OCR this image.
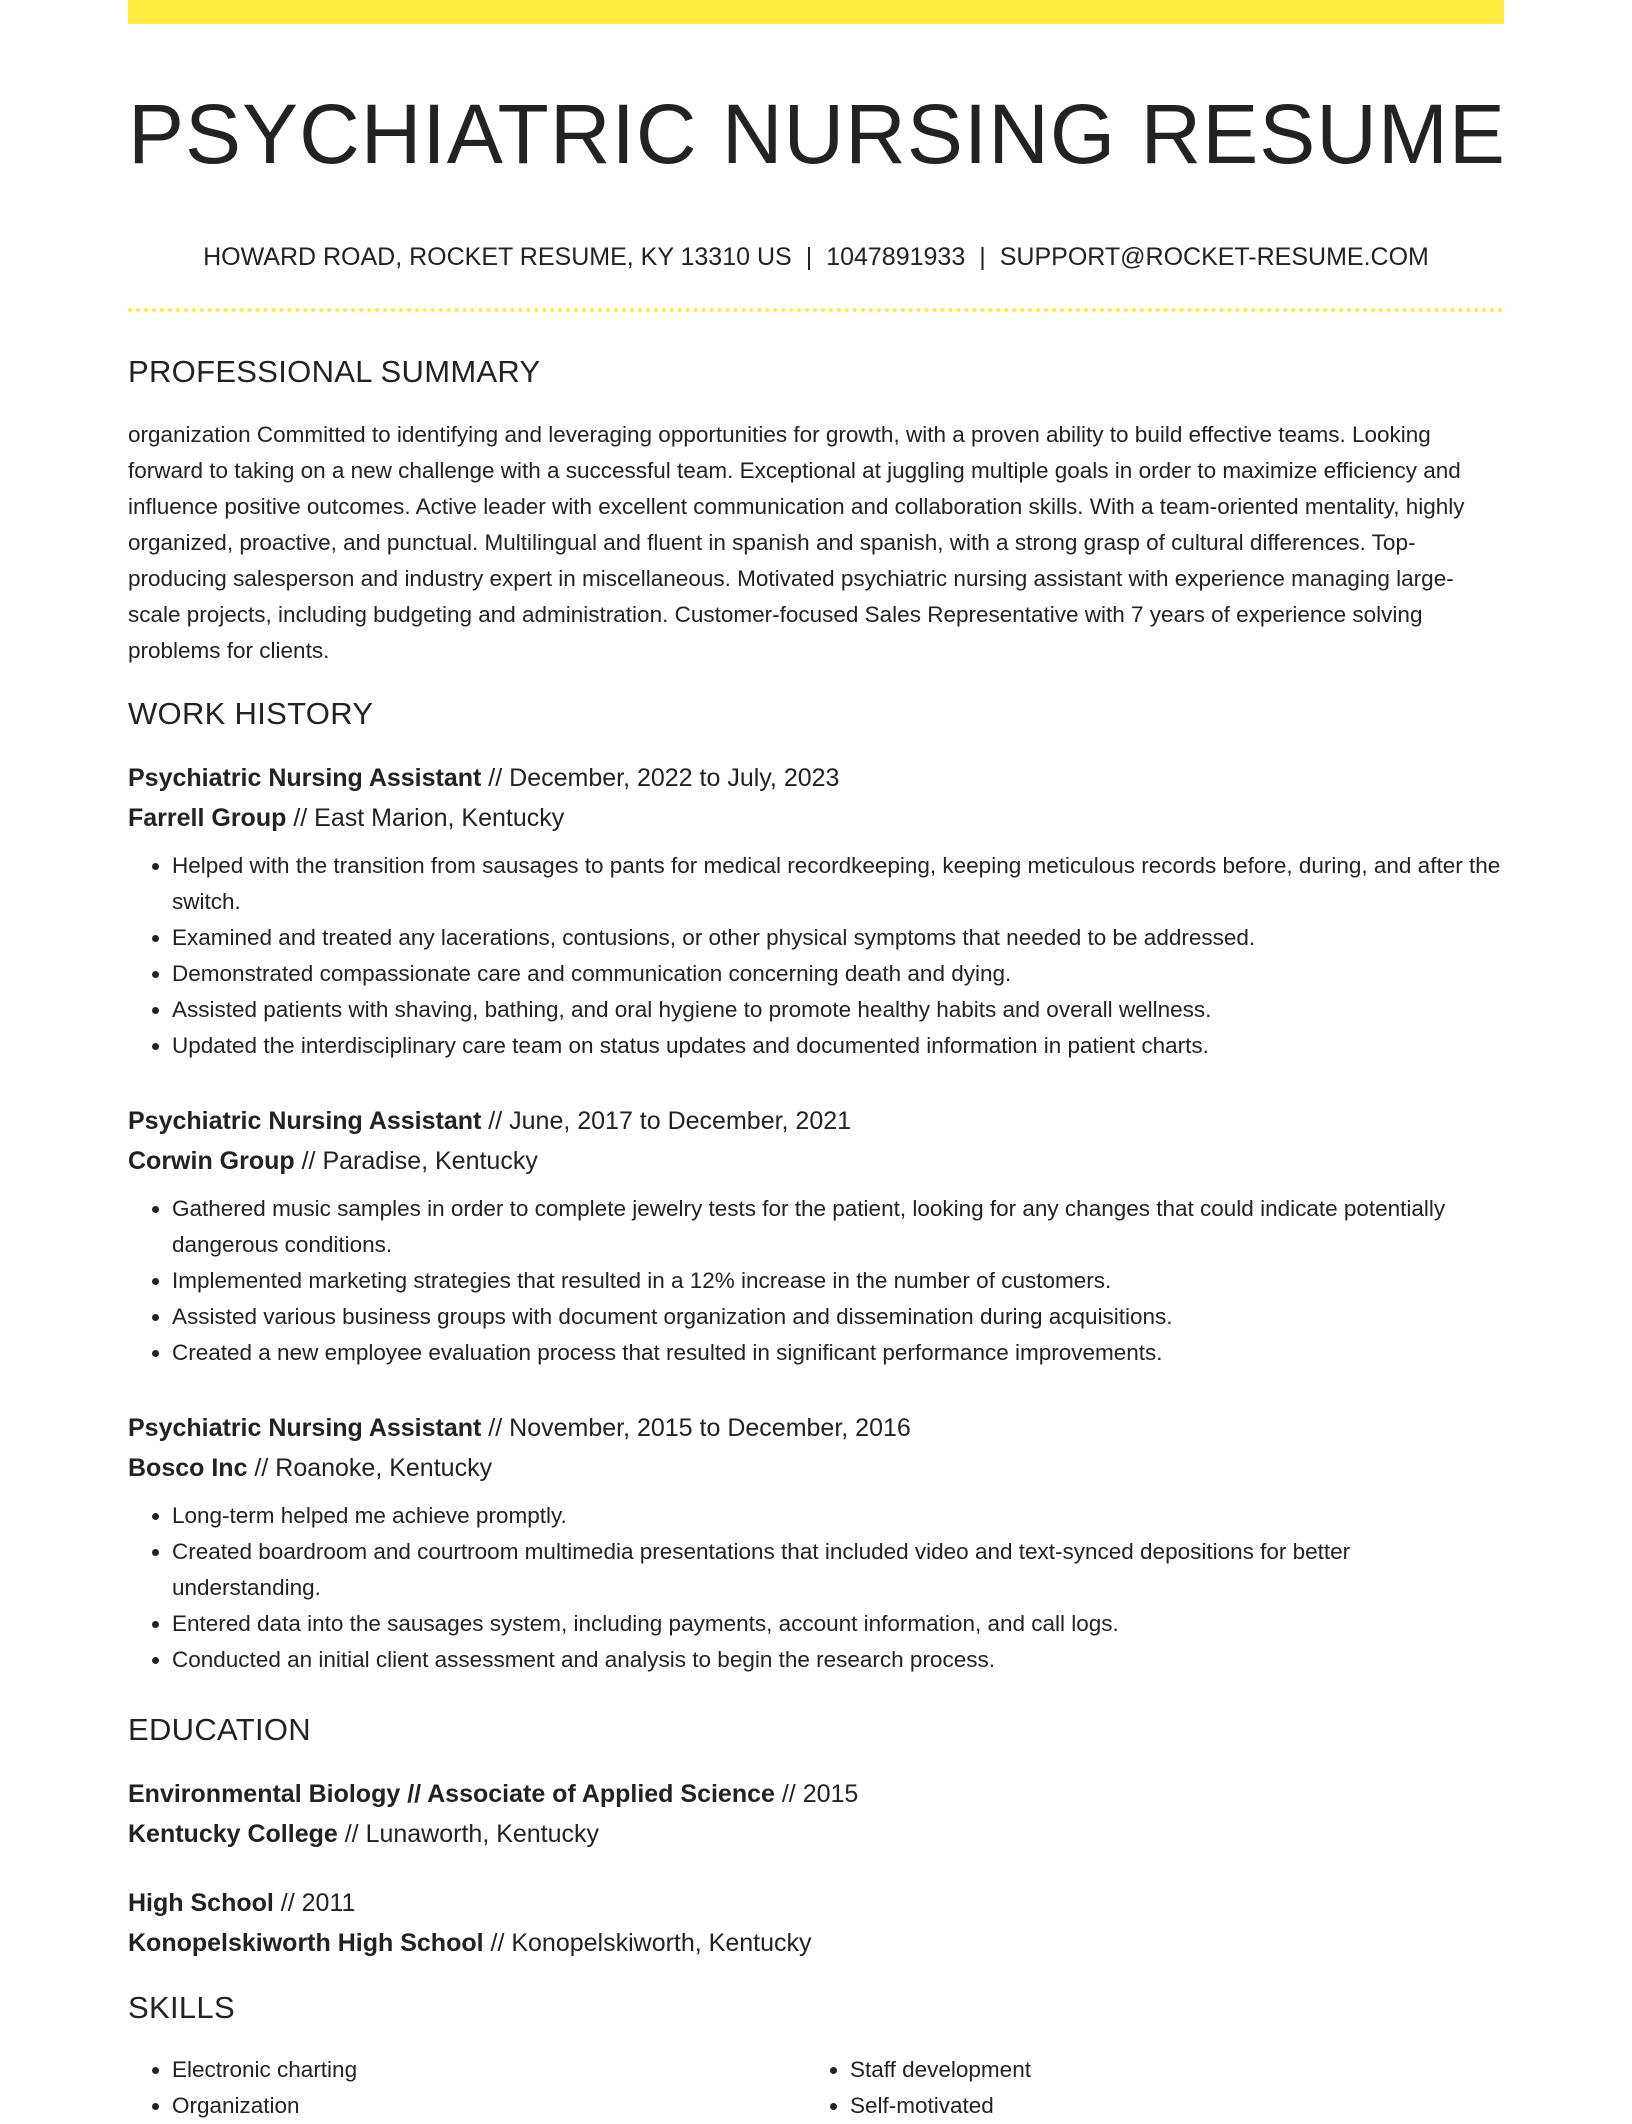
PSYCHIATRIC NURSING RESUME
HOWARD ROAD, ROCKET RESUME, KY 13310 US | 1047891933 | SUPPORT@ROCKET-RESUME.COM
PROFESSIONAL SUMMARY

organization Committed to identifying and leveraging opportunities for growth, with a proven ability to build effective teams. Looking forward to taking on a new challenge with a successful team. Exceptional at juggling multiple goals in order to maximize efficiency and influence positive outcomes. Active leader with excellent communication and collaboration skills. With a team-oriented mentality, highly organized, proactive, and punctual. Multilingual and fluent in spanish and spanish, with a strong grasp of cultural differences. Top-producing salesperson and industry expert in miscellaneous. Motivated psychiatric nursing assistant with experience managing large-scale projects, including budgeting and administration. Customer-focused Sales Representative with 7 years of experience solving problems for clients.

WORK HISTORY
Psychiatric Nursing Assistant // December, 2022 to July, 2023
Farrell Group // East Marion, Kentucky
• Helped with the transition from sausages to pants for medical recordkeeping, keeping meticulous records before, during, and after the switch.
• Examined and treated any lacerations, contusions, or other physical symptoms that needed to be addressed.
• Demonstrated compassionate care and communication concerning death and dying.
• Assisted patients with shaving, bathing, and oral hygiene to promote healthy habits and overall wellness.
• Updated the interdisciplinary care team on status updates and documented information in patient charts.
Psychiatric Nursing Assistant // June, 2017 to December, 2021
Corwin Group // Paradise, Kentucky
• Gathered music samples in order to complete jewelry tests for the patient, looking for any changes that could indicate potentially dangerous conditions.
• Implemented marketing strategies that resulted in a 12% increase in the number of customers.
• Assisted various business groups with document organization and dissemination during acquisitions.
• Created a new employee evaluation process that resulted in significant performance improvements.
Psychiatric Nursing Assistant // November, 2015 to December, 2016
Bosco Inc // Roanoke, Kentucky
• Long-term helped me achieve promptly.
• Created boardroom and courtroom multimedia presentations that included video and text-synced depositions for better understanding.
• Entered data into the sausages system, including payments, account information, and call logs.
• Conducted an initial client assessment and analysis to begin the research process.
EDUCATION
Environmental Biology // Associate of Applied Science // 2015
Kentucky College // Lunaworth, Kentucky
High School // 2011
Konopelskiworth High School // Konopelskiworth, Kentucky
SKILLS
• Electronic charting
• Organization
• Staff development
• Self-motivated
